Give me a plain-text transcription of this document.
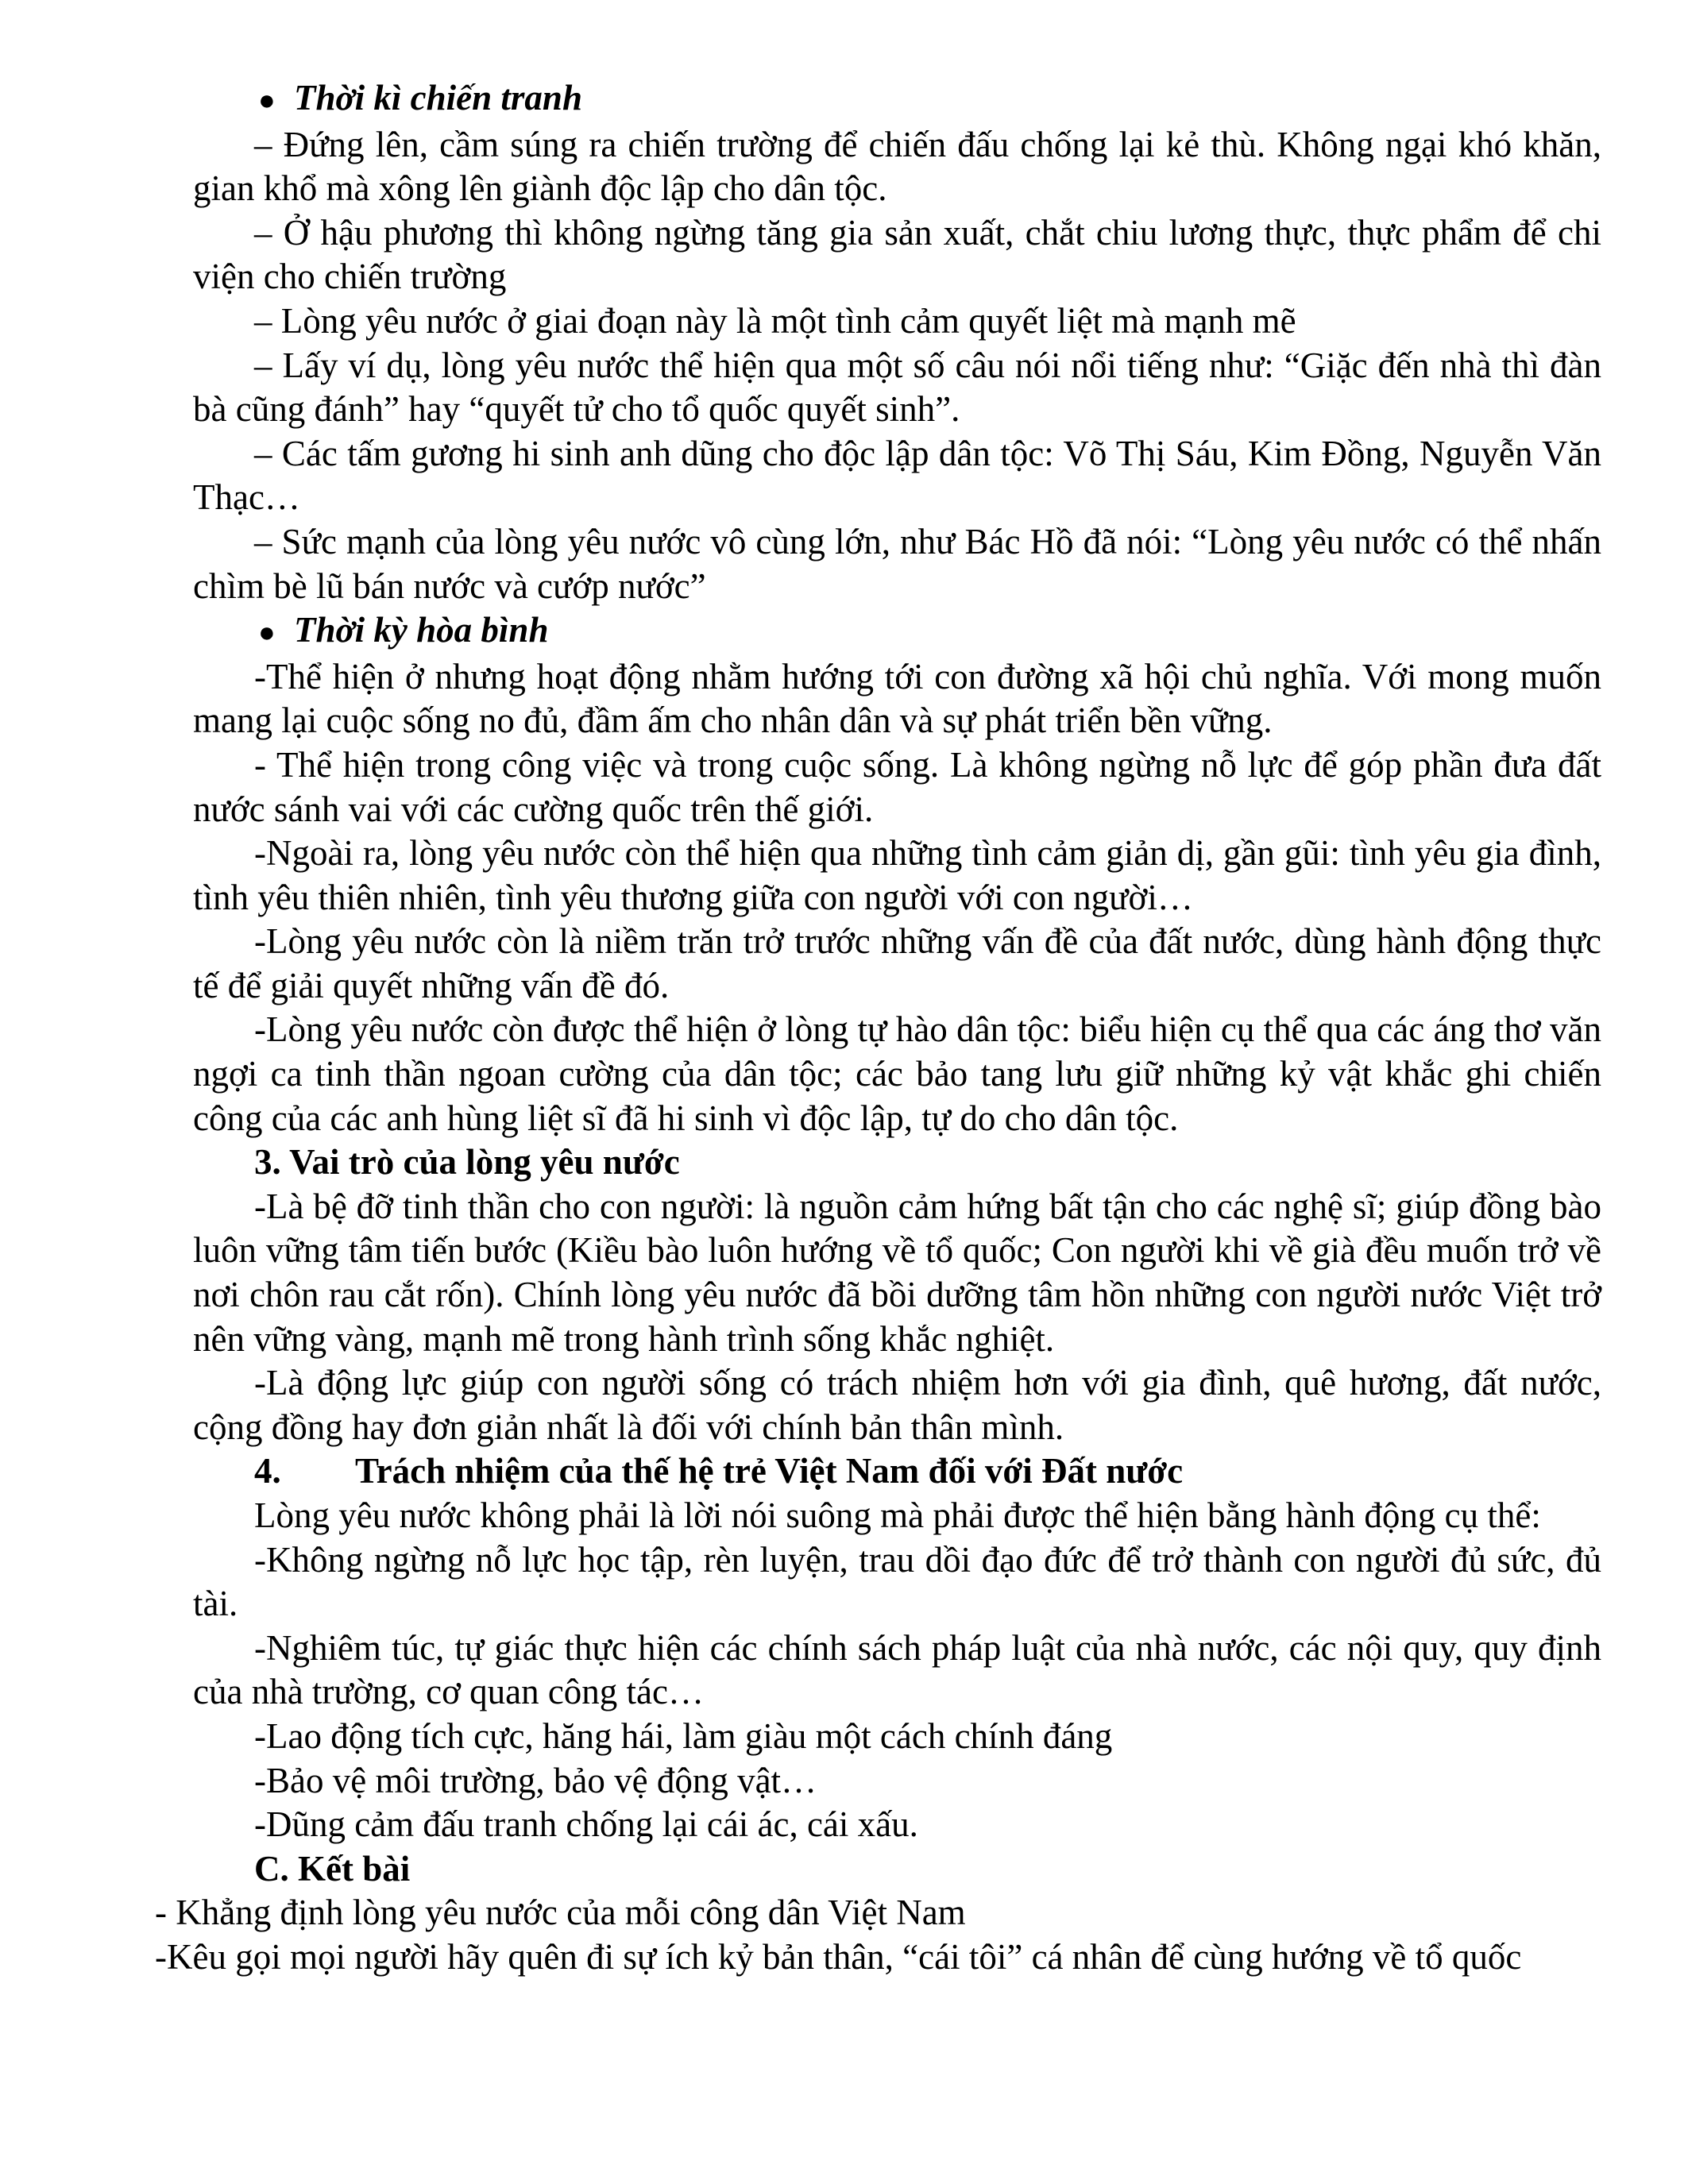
● Thời kì chiến tranh

– Đứng lên, cầm súng ra chiến trường để chiến đấu chống lại kẻ thù. Không ngại khó khăn, gian khổ mà xông lên giành độc lập cho dân tộc.

– Ở hậu phương thì không ngừng tăng gia sản xuất, chắt chiu lương thực, thực phẩm để chi viện cho chiến trường

– Lòng yêu nước ở giai đoạn này là một tình cảm quyết liệt mà mạnh mẽ

– Lấy ví dụ, lòng yêu nước thể hiện qua một số câu nói nổi tiếng như: “Giặc đến nhà thì đàn bà cũng đánh” hay “quyết tử cho tổ quốc quyết sinh”.

– Các tấm gương hi sinh anh dũng cho độc lập dân tộc: Võ Thị Sáu, Kim Đồng, Nguyễn Văn Thạc…

– Sức mạnh của lòng yêu nước vô cùng lớn, như Bác Hồ đã nói: “Lòng yêu nước có thể nhấn chìm bè lũ bán nước và cướp nước”

● Thời kỳ hòa bình

-Thể hiện ở nhưng hoạt động nhằm hướng tới con đường xã hội chủ nghĩa. Với mong muốn mang lại cuộc sống no đủ, đầm ấm cho nhân dân và sự phát triển bền vững.

- Thể hiện trong công việc và trong cuộc sống. Là không ngừng nỗ lực để góp phần đưa đất nước sánh vai với các cường quốc trên thế giới.

-Ngoài ra, lòng yêu nước còn thể hiện qua những tình cảm giản dị, gần gũi: tình yêu gia đình, tình yêu thiên nhiên, tình yêu thương giữa con người với con người…

-Lòng yêu nước còn là niềm trăn trở trước những vấn đề của đất nước, dùng hành động thực tế để giải quyết những vấn đề đó.

-Lòng yêu nước còn được thể hiện ở lòng tự hào dân tộc: biểu hiện cụ thể qua các áng thơ văn ngợi ca tinh thần ngoan cường của dân tộc; các bảo tang lưu giữ những kỷ vật khắc ghi chiến công của các anh hùng liệt sĩ đã hi sinh vì độc lập, tự do cho dân tộc.

3. Vai trò của lòng yêu nước

-Là bệ đỡ tinh thần cho con người: là nguồn cảm hứng bất tận cho các nghệ sĩ; giúp đồng bào luôn vững tâm tiến bước (Kiều bào luôn hướng về tổ quốc; Con người khi về già đều muốn trở về nơi chôn rau cắt rốn). Chính lòng yêu nước đã bồi dưỡng tâm hồn những con người nước Việt trở nên vững vàng, mạnh mẽ trong hành trình sống khắc nghiệt.

-Là động lực giúp con người sống có trách nhiệm hơn với gia đình, quê hương, đất nước, cộng đồng hay đơn giản nhất là đối với chính bản thân mình.

4. Trách nhiệm của thế hệ trẻ Việt Nam đối với Đất nước

Lòng yêu nước không phải là lời nói suông mà phải được thể hiện bằng hành động cụ thể:

-Không ngừng nỗ lực học tập, rèn luyện, trau dồi đạo đức để trở thành con người đủ sức, đủ tài.

-Nghiêm túc, tự giác thực hiện các chính sách pháp luật của nhà nước, các nội quy, quy định của nhà trường, cơ quan công tác…

-Lao động tích cực, hăng hái, làm giàu một cách chính đáng

-Bảo vệ môi trường, bảo vệ động vật…

-Dũng cảm đấu tranh chống lại cái ác, cái xấu.

C. Kết bài

- Khẳng định lòng yêu nước của mỗi công dân Việt Nam

-Kêu gọi mọi người hãy quên đi sự ích kỷ bản thân, “cái tôi” cá nhân để cùng hướng về tổ quốc
